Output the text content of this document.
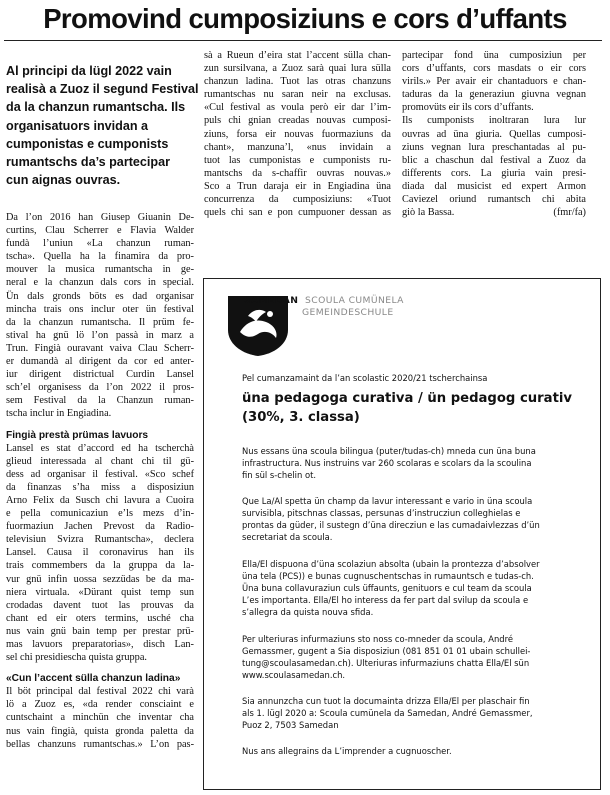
Promovind cumposiziuns e cors d’uffants
Al principi da lügl 2022 vain
realisà a Zuoz il segund Festival
da la chanzun rumantscha. Ils
organisatuors invidan a
cumponistas e cumponists
rumantschs da’s partecipar
cun aignas ouvras.

Da l’on 2016 han Giusep Giuanin De-
curtins, Clau Scherrer e Flavia Walder
fundà l’uniun «La chanzun ruman-
tscha». Quella ha la finamira da pro-
mouver la musica rumantscha in ge-
neral e la chanzun dals cors in special.
Ün dals gronds böts es dad organisar
mincha trais ons inclur oter ün festival
da la chanzun rumantscha. Il prüm fe-
stival ha gnü lö l’on passà in marz a
Trun. Fingià ouravant vaiva Clau Scherr-
er dumandà al dirigent da cor ed anter-
iur dirigent districtual Curdin Lansel
sch’el organisess da l’on 2022 il pros-
sem Festival da la Chanzun ruman-
tscha inclur in Engiadina.

Fingià prestà prümas lavuors

Lansel es stat d’accord ed ha tscherchà
glieud interessada al chant chi til gü-
dess ad organisar il festival. «Sco schef
da finanzas s’ha miss a disposiziun
Arno Felix da Susch chi lavura a Cuoira
e pella comunicaziun e’ls mezs d’in-
fuormaziun Jachen Prevost da Radio-
televisiun Svizra Rumantscha», declera
Lansel. Causa il coronavirus han ils
trais commembers da la gruppa da la-
vur gnü infin uossa sezzüdas be da ma-
niera virtuala. «Dürant quist temp sun
crodadas davent tuot las prouvas da
chant ed eir oters termins, usché cha
nus vain gnü bain temp per prestar prü-
mas lavuors preparatorias», disch Lan-
sel chi presidiescha quista gruppa.

«Cun l’accent sülla chanzun ladina»

Il böt principal dal festival 2022 chi varà
lö a Zuoz es, «da render consciaint e
cuntschaint a minchün che inventar cha
nus vain fingià, quista gronda paletta da
bellas chanzuns rumantschas.» L’on pas-

sà a Rueun d’eira stat l’accent sülla chan-
zun sursilvana, a Zuoz sarà quai lura sülla
chanzun ladina. Tuot las otras chanzuns
rumantschas nu saran neir na exclusas.
«Cul festival as voula però eir dar l’im-
puls chi gnian creadas nouvas cumposi-
ziuns, forsa eir nouvas fuormaziuns da
chant», manzuna’l, «nus invidain a
tuot las cumponistas e cumponists ru-
mantschs da s-chaffir ouvras nouvas.»
Sco a Trun daraja eir in Engiadina üna
concurrenza da cumposiziuns: «Tuot
quels chi san e pon cumpuoner dessan as

partecipar fond üna cumposiziun per
cors d’uffants, cors masdats o eir cors
virils.» Per avair eir chantaduors e chan-
taduras da la generaziun giuvna vegnan
promovüts eir ils cors d’uffants.

Ils cumponists inoltraran lura lur
ouvras ad üna giuria. Quellas cumposi-
ziuns vegnan lura preschantadas al pu-
blic a chaschun dal festival a Zuoz da
differents cors. La giuria vain presi-
diada dal musicist ed expert Armon
Caviezel oriund rumantsch chi abita
giò la Bassa.	(fmr/fa)

SAMEDAN SCOULA CUMÜNELA
GEMEINDESCHULE
Pel cumanzamaint da l’an scolastic 2020/21 tscherchainsa
üna pedagoga curativa / ün pedagog curativ
(30%, 3. classa)
Nus essans üna scoula bilingua (puter/tudas-ch) mneda cun üna buna
infrastructura. Nus instruins var 260 scolaras e scolars da la scoulina
fin sül s-chelin ot.
Que La/Al spetta ün champ da lavur interessant e vario in üna scoula
survisibla, pitschnas classas, persunas d’instrucziun colleghielas e
prontas da güder, il sustegn d’üna direcziun e las cumadaivlezzas d’ün
secretariat da scoula.
Ella/El dispuona d’üna scolaziun absolta (ubain la prontezza d’absolver
üna tela (PCS)) e bunas cugnuschentschas in rumauntsch e tudas-ch.
Üna buna collavuraziun culs üffaunts, genituors e cul team da scoula
L’es importanta. Ella/El ho interess da fer part dal svilup da scoula e
s’allegra da quista nouva sfida.
Per ulteriuras infurmaziuns sto noss co-mneder da scoula, André
Gemassmer, gugent a Sia disposiziun (081 851 01 01 ubain schullei-
tung@scoulasamedan.ch). Ulteriuras infurmaziuns chatta Ella/El sün
www.scoulasamedan.ch.
Sia annunzcha cun tuot la documainta drizza Ella/El per plaschair fin
als 1. lügl 2020 a: Scoula cumünela da Samedan, André Gemassmer,
Puoz 2, 7503 Samedan
Nus ans allegrains da L’imprender a cugnuoscher.
